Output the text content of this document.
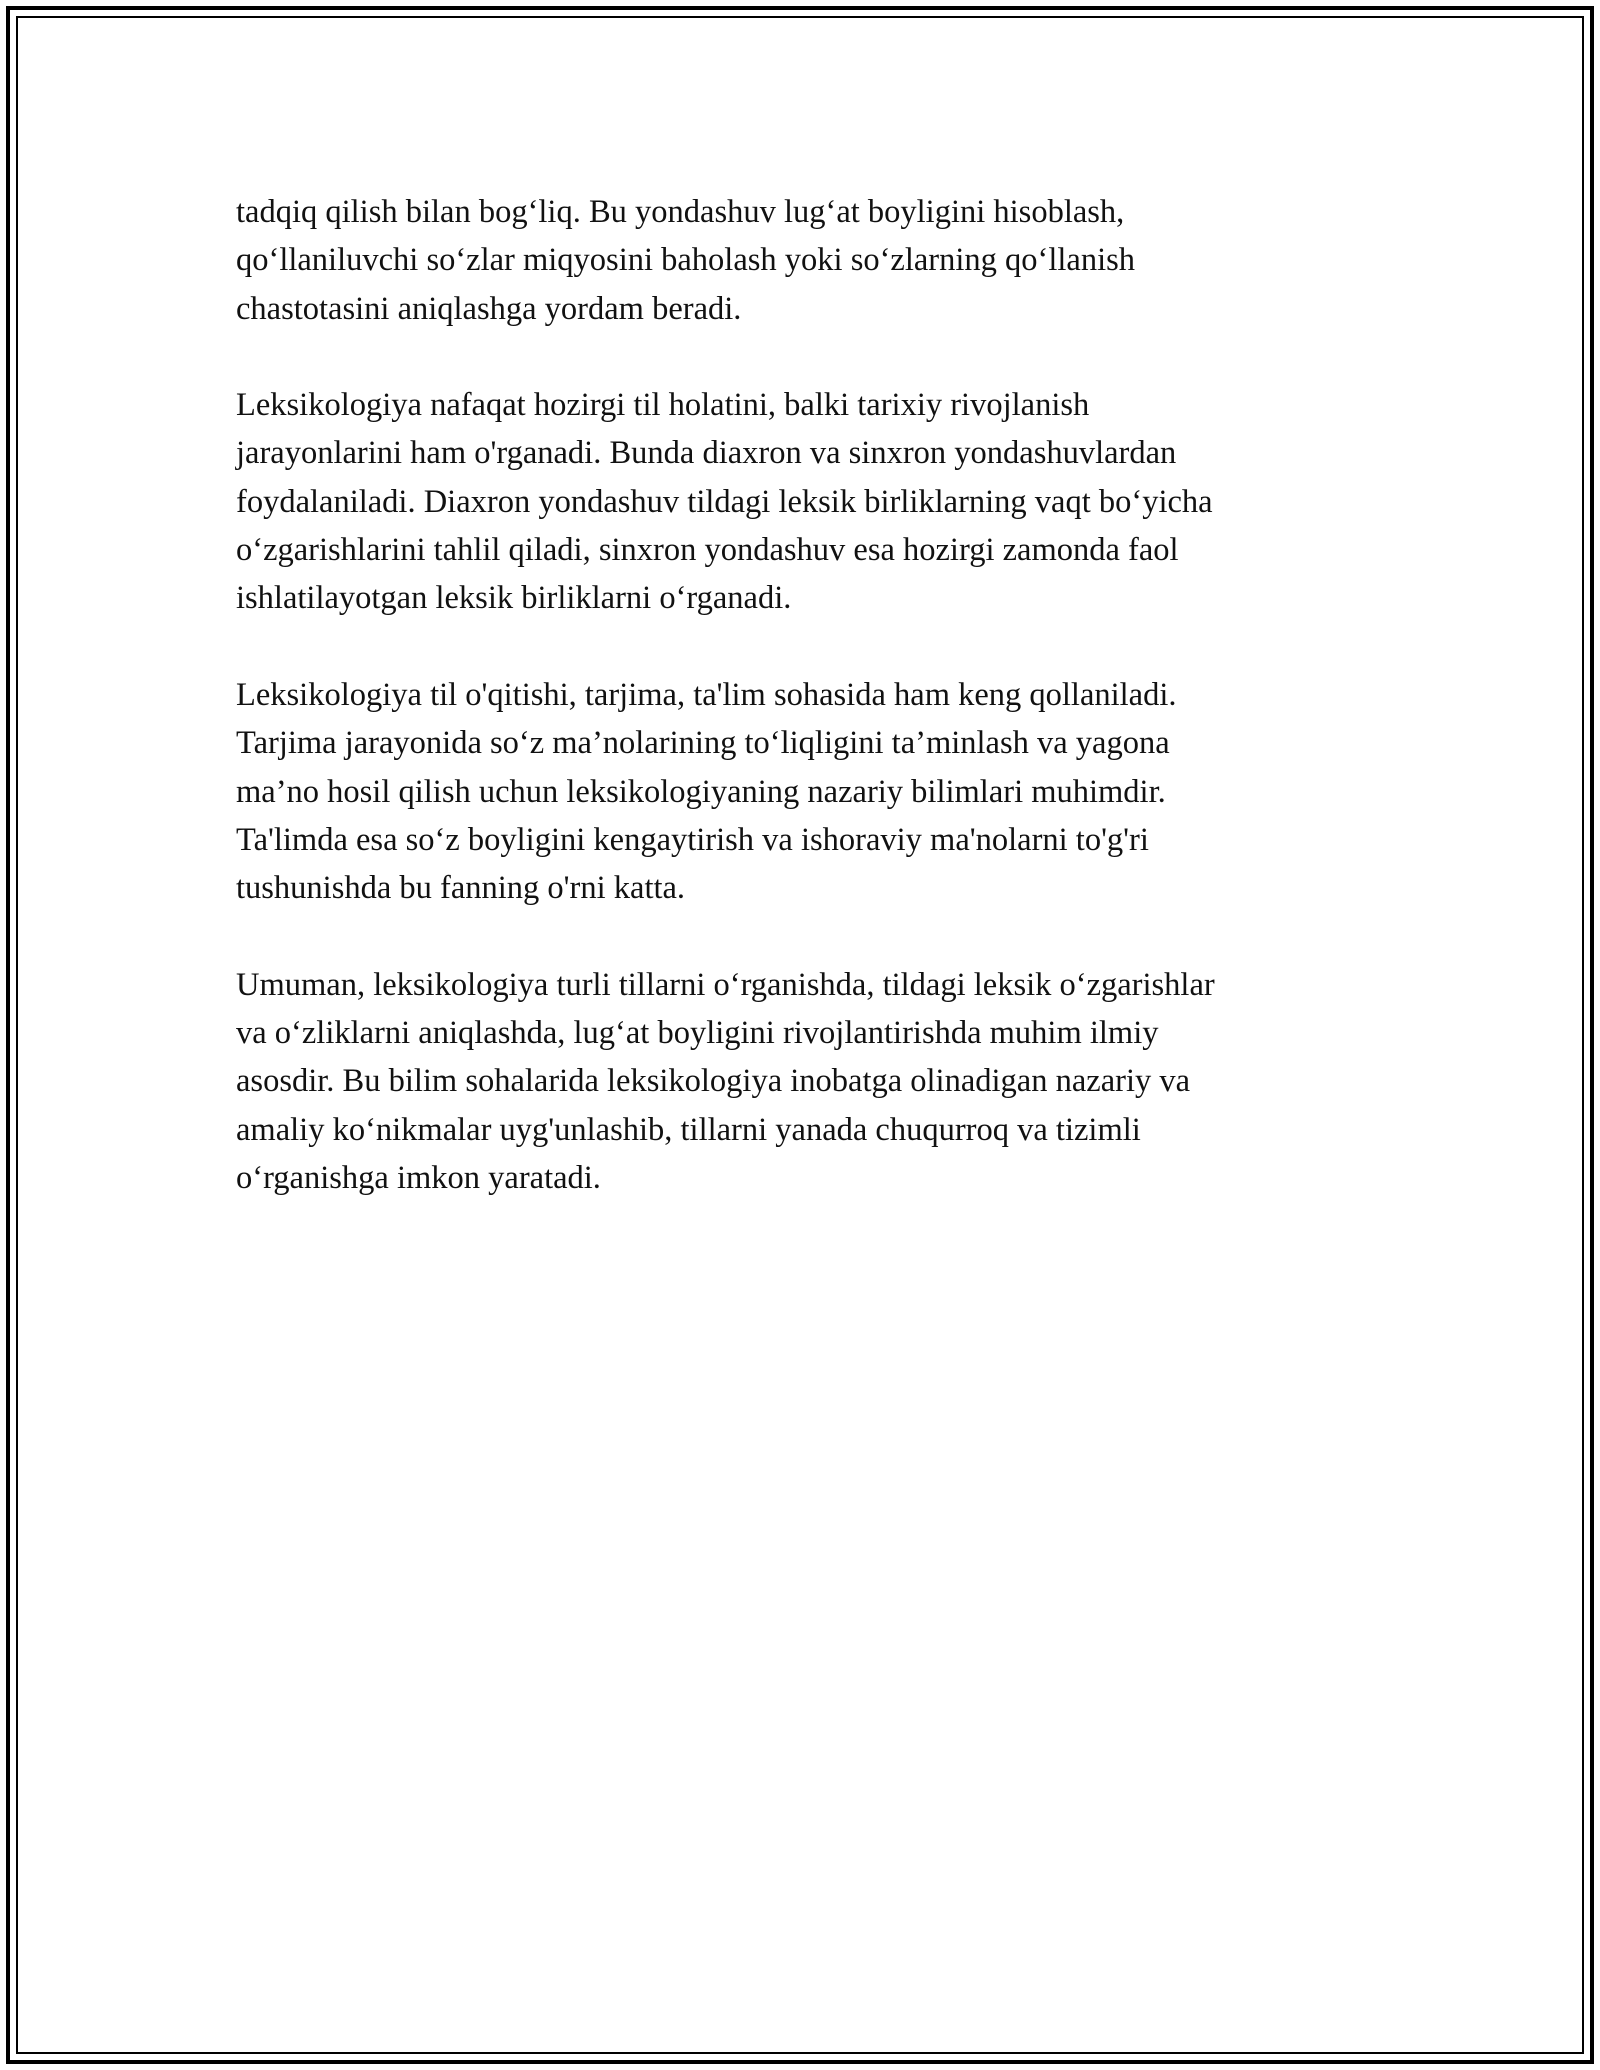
tadqiq qilish bilan bog‘liq. Bu yondashuv lug‘at boyligini hisoblash,
qo‘llaniluvchi so‘zlar miqyosini baholash yoki so‘zlarning qo‘llanish
chastotasini aniqlashga yordam beradi.

Leksikologiya nafaqat hozirgi til holatini, balki tarixiy rivojlanish
jarayonlarini ham o'rganadi. Bunda diaxron va sinxron yondashuvlardan
foydalaniladi. Diaxron yondashuv tildagi leksik birliklarning vaqt bo‘yicha
o‘zgarishlarini tahlil qiladi, sinxron yondashuv esa hozirgi zamonda faol
ishlatilayotgan leksik birliklarni o‘rganadi.

Leksikologiya til o'qitishi, tarjima, ta'lim sohasida ham keng qollaniladi.
Tarjima jarayonida so‘z ma’nolarining to‘liqligini ta’minlash va yagona
ma’no hosil qilish uchun leksikologiyaning nazariy bilimlari muhimdir.
Ta'limda esa so‘z boyligini kengaytirish va ishoraviy ma'nolarni to'g'ri
tushunishda bu fanning o'rni katta.

Umuman, leksikologiya turli tillarni o‘rganishda, tildagi leksik o‘zgarishlar
va o‘zliklarni aniqlashda, lug‘at boyligini rivojlantirishda muhim ilmiy
asosdir. Bu bilim sohalarida leksikologiya inobatga olinadigan nazariy va
amaliy ko‘nikmalar uyg'unlashib, tillarni yanada chuqurroq va tizimli
o‘rganishga imkon yaratadi.
